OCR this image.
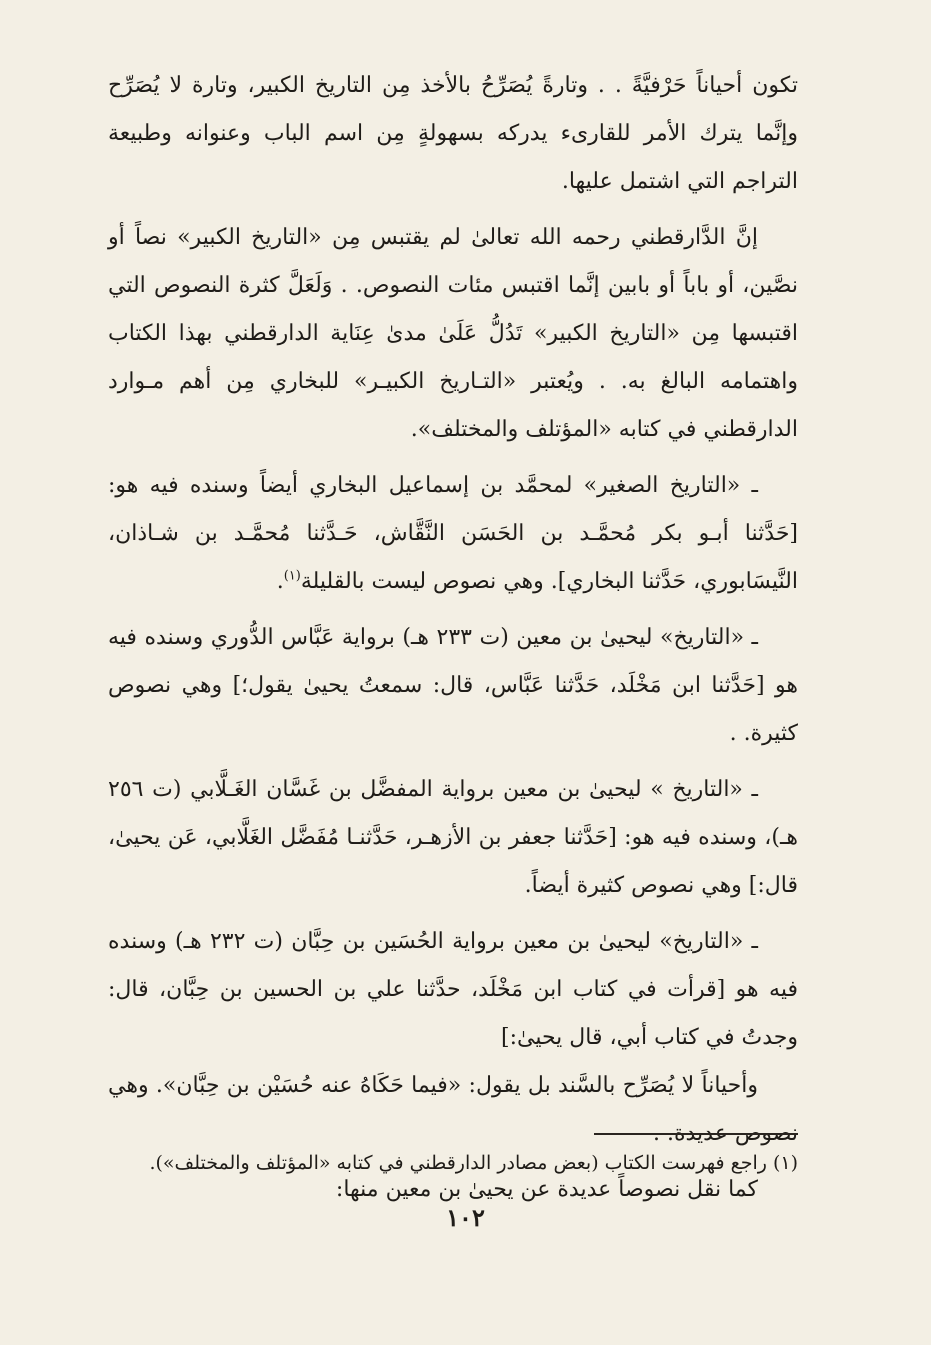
تكون أحياناً حَرْفيَّةً . . وتارةً يُصَرِّحُ بالأخذ مِن التاريخ الكبير، وتارة لا يُصَرِّح وإنَّما يترك الأمر للقارىء يدركه بسهولةٍ مِن اسم الباب وعنوانه وطبيعة التراجم التي اشتمل عليها.

إنَّ الدَّارقطني رحمه الله تعالىٰ لم يقتبس مِن «التاريخ الكبير» نصاً أو نصَّين، أو باباً أو بابين إنَّما اقتبس مئات النصوص. . وَلَعَلَّ كثرة النصوص التي اقتبسها مِن «التاريخ الكبير» تَدُلُّ عَلَىٰ مدىٰ عِنَاية الدارقطني بهذا الكتاب واهتمامه البالغ به. . ويُعتبر «التـاريخ الكبيـر» للبخاري مِن أهم مـوارد الدارقطني في كتابه «المؤتلف والمختلف».

ـ «التاريخ الصغير» لمحمَّد بن إسماعيل البخاري أيضاً وسنده فيه هو: [حَدَّثنا أبـو بكر مُحمَّـد بن الحَسَن النَّقَّاش، حَـدَّثنا مُحمَّـد بن شـاذان، النَّيسَابوري، حَدَّثنا البخاري]. وهي نصوص ليست بالقليلة$^{(١)}$.

ـ «التاريخ» ليحيىٰ بن معين (ت ٢٣٣ هـ) برواية عَبَّاس الدُّوري وسنده فيه هو [حَدَّثنا ابن مَخْلَد، حَدَّثنا عَبَّاس، قال: سمعتُ يحيىٰ يقول؛] وهي نصوص كثيرة. .

ـ «التاريخ » ليحيىٰ بن معين برواية المفضَّل بن غَسَّان الغَـلَّابي (ت ٢٥٦ هـ)، وسنده فيه هو: [حَدَّثنا جعفر بن الأزهـر، حَدَّثنـا مُفَضَّل الغَلَّابي، عَن يحيىٰ، قال:] وهي نصوص كثيرة أيضاً.

ـ «التاريخ» ليحيىٰ بن معين برواية الحُسَين بن حِبَّان (ت ٢٣٢ هـ) وسنده فيه هو [قرأت في كتاب ابن مَخْلَد، حدَّثنا علي بن الحسين بن حِبَّان، قال: وجدتُ في كتاب أبي، قال يحيىٰ:]

وأحياناً لا يُصَرِّح بالسَّند بل يقول: «فيما حَكَاهُ عنه حُسَيْن بن حِبَّان». وهي نصوص عديدة. .

كما نقل نصوصاً عديدة عن يحيىٰ بن معين منها:

(١) راجع فهرست الكتاب (بعض مصادر الدارقطني في كتابه «المؤتلف والمختلف»).
١٠٢
